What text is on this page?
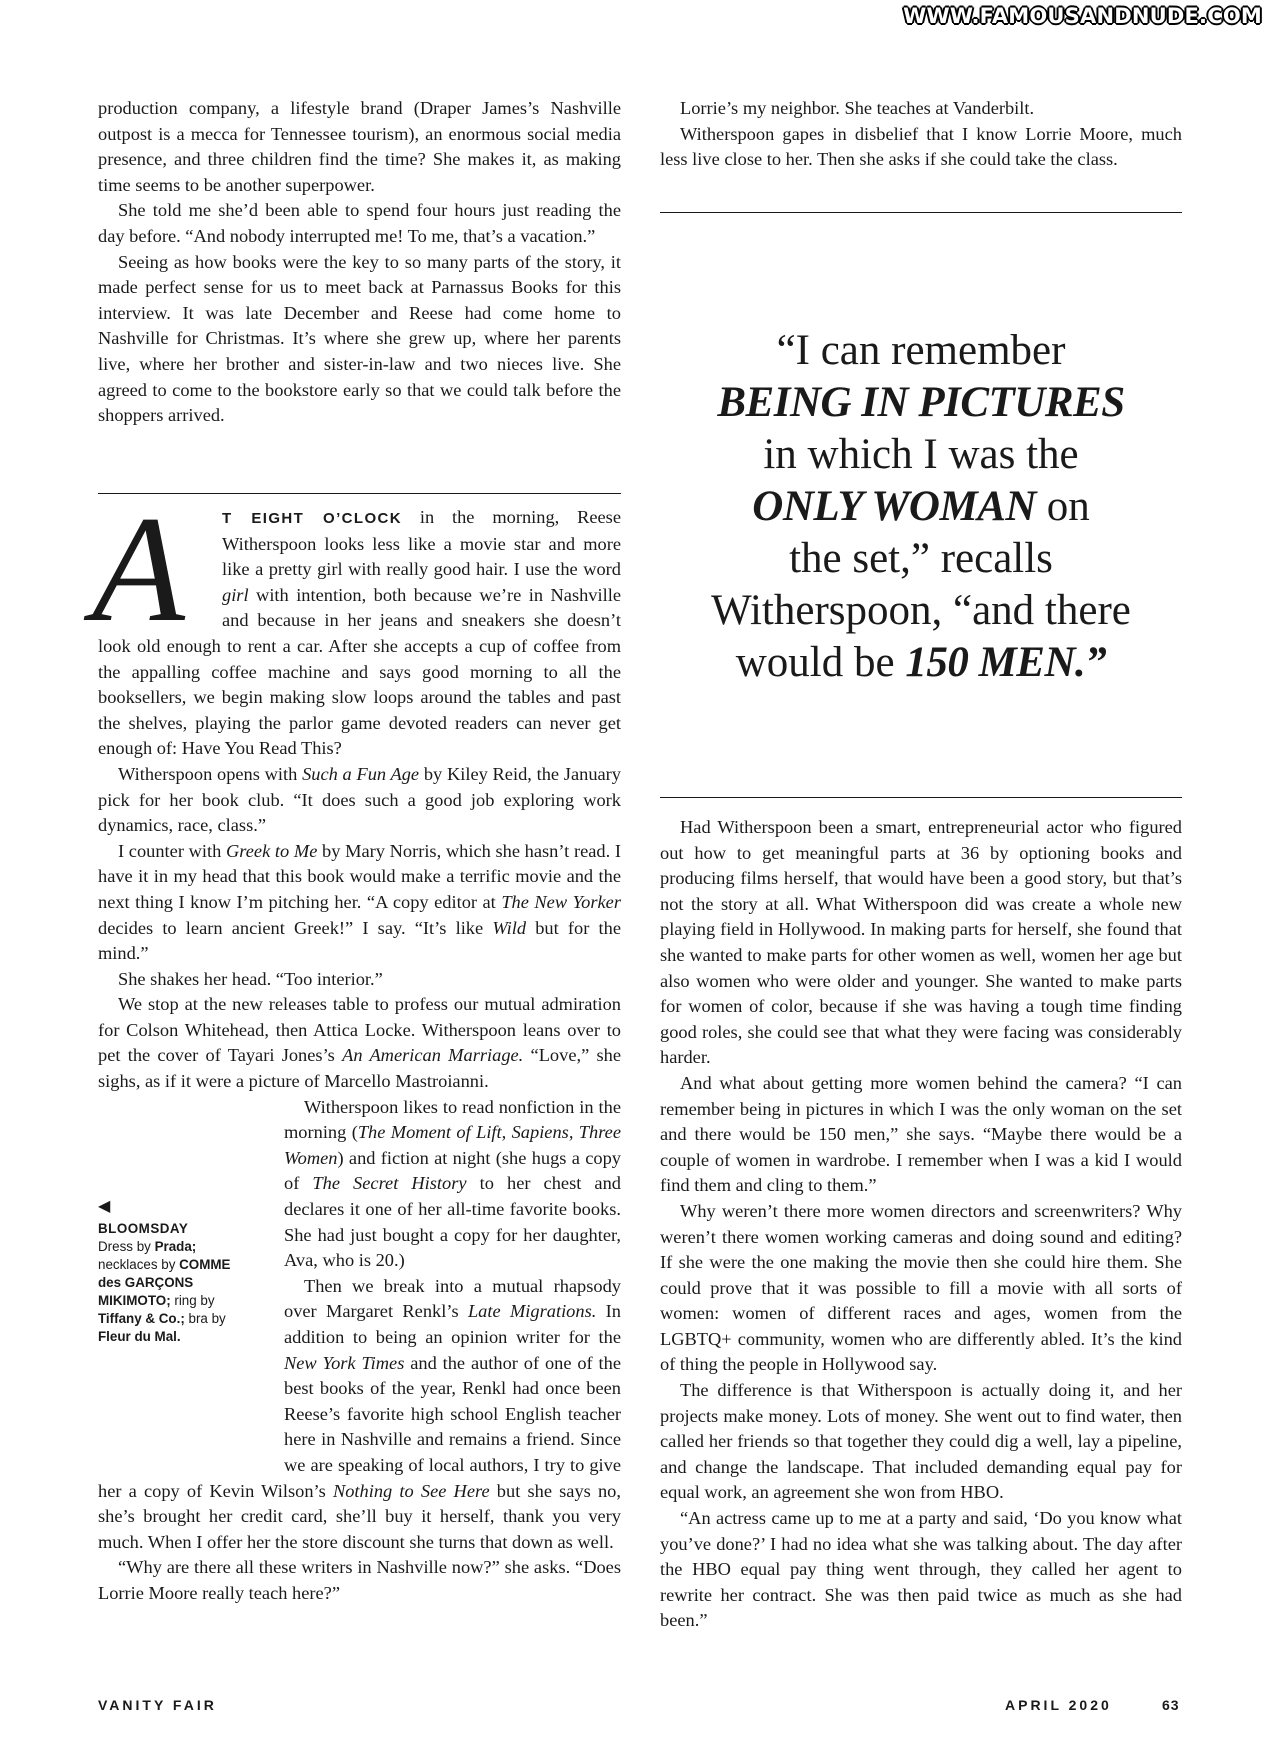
WWW.FAMOUSANDNUDE.COM

production company, a lifestyle brand (Draper James’s Nashville outpost is a mecca for Tennessee tourism), an enormous social media presence, and three children find the time? She makes it, as making time seems to be another superpower.

She told me she’d been able to spend four hours just reading the day before. “And nobody interrupted me! To me, that’s a vacation.”

Seeing as how books were the key to so many parts of the story, it made perfect sense for us to meet back at Parnassus Books for this interview. It was late December and Reese had come home to Nashville for Christmas. It’s where she grew up, where her parents live, where her brother and sister-in-law and two nieces live. She agreed to come to the bookstore early so that we could talk before the shoppers arrived.

A	T EIGHT O’CLOCK in the morning, Reese Witherspoon looks less like a movie star and more like a pretty girl with really good hair. I use the word girl with intention, both because we’re in Nashville and because in her jeans and sneakers she doesn’t look old enough to rent a car. After she accepts a cup of coffee from the appalling coffee machine and says good morning to all the booksellers, we begin making slow loops around the tables and past the shelves, playing the parlor game devoted readers can never get enough of: Have You Read This?

Witherspoon opens with Such a Fun Age by Kiley Reid, the January pick for her book club. “It does such a good job exploring work dynamics, race, class.”

I counter with Greek to Me by Mary Norris, which she hasn’t read. I have it in my head that this book would make a terrific movie and the next thing I know I’m pitching her. “A copy editor at The New Yorker decides to learn ancient Greek!” I say. “It’s like Wild but for the mind.”

She shakes her head. “Too interior.”

We stop at the new releases table to profess our mutual admiration for Colson Whitehead, then Attica Locke. Witherspoon leans over to pet the cover of Tayari Jones’s An American Marriage. “Love,” she sighs, as if it were a picture of Marcello Mastroianni.

Witherspoon likes to read nonfiction in the morning (The Moment of Lift, Sapiens, Three Women) and fiction at night (she hugs a copy of The Secret History to her chest and declares it one of her all-time favorite books. She had just bought a copy for her daughter, Ava, who is 20.)

Then we break into a mutual rhapsody over Margaret Renkl’s Late Migrations. In addition to being an opinion writer for the New York Times and the author of one of the best books of the year, Renkl had once been Reese’s favorite high school English teacher here in Nashville and remains a friend. Since we are speaking of local authors, I try to give her a copy of Kevin Wilson’s Nothing to See Here but she says no, she’s brought her credit card, she’ll buy it herself, thank you very much. When I offer her the store discount she turns that down as well.

“Why are there all these writers in Nashville now?” she asks. “Does Lorrie Moore really teach here?”

◀
BLOOMSDAY
Dress by Prada; necklaces by COMME des GARÇONS MIKIMOTO; ring by Tiffany & Co.; bra by Fleur du Mal.

Lorrie’s my neighbor. She teaches at Vanderbilt.

Witherspoon gapes in disbelief that I know Lorrie Moore, much less live close to her. Then she asks if she could take the class.

“I can remember
BEING IN PICTURES
in which I was the
ONLY WOMAN on
the set,” recalls
Witherspoon, “and there
would be 150 MEN.”

Had Witherspoon been a smart, entrepreneurial actor who figured out how to get meaningful parts at 36 by optioning books and producing films herself, that would have been a good story, but that’s not the story at all. What Witherspoon did was create a whole new playing field in Hollywood. In making parts for herself, she found that she wanted to make parts for other women as well, women her age but also women who were older and younger. She wanted to make parts for women of color, because if she was having a tough time finding good roles, she could see that what they were facing was considerably harder.

And what about getting more women behind the camera? “I can remember being in pictures in which I was the only woman on the set and there would be 150 men,” she says. “Maybe there would be a couple of women in wardrobe. I remember when I was a kid I would find them and cling to them.”

Why weren’t there more women directors and screenwriters? Why weren’t there women working cameras and doing sound and editing? If she were the one making the movie then she could hire them. She could prove that it was possible to fill a movie with all sorts of women: women of different races and ages, women from the LGBTQ+ community, women who are differently abled. It’s the kind of thing the people in Hollywood say.

The difference is that Witherspoon is actually doing it, and her projects make money. Lots of money. She went out to find water, then called her friends so that together they could dig a well, lay a pipeline, and change the landscape. That included demanding equal pay for equal work, an agreement she won from HBO.

“An actress came up to me at a party and said, ‘Do you know what you’ve done?’ I had no idea what she was talking about. The day after the HBO equal pay thing went through, they called her agent to rewrite her contract. She was then paid twice as much as she had been.”

VANITY FAIR	APRIL 2020	63
